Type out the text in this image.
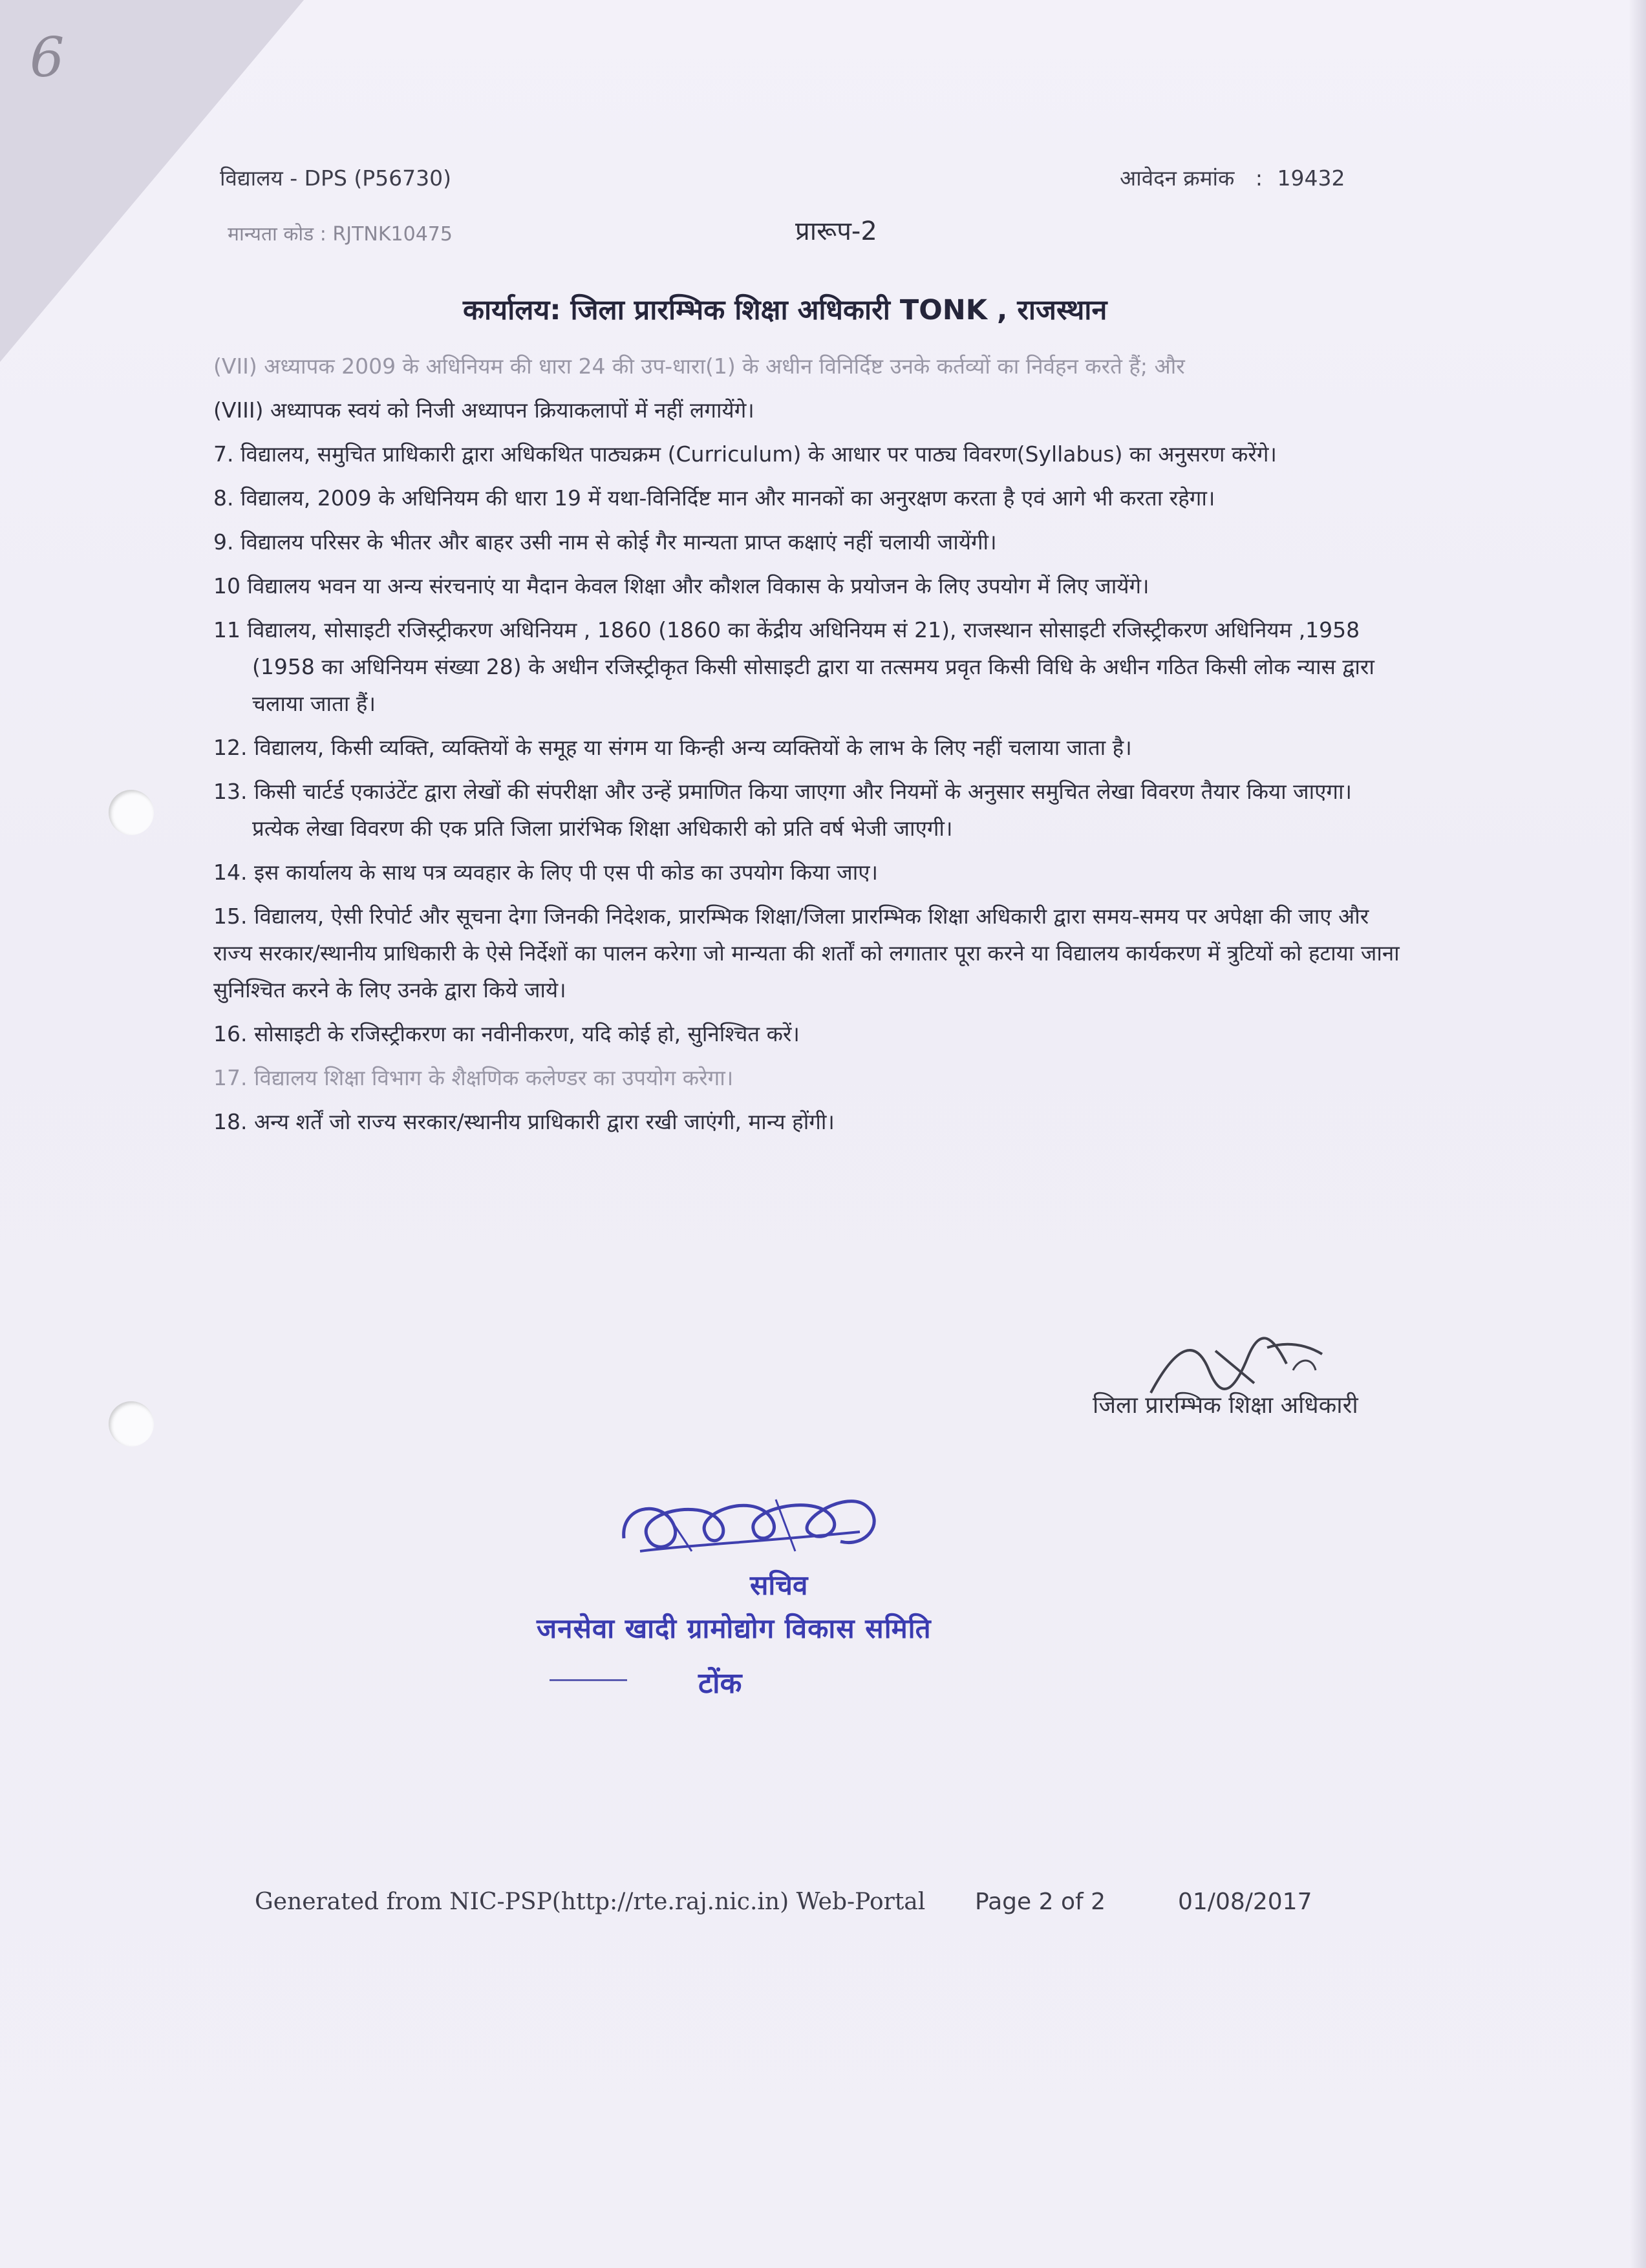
6
विद्यालय - DPS (P56730)	आवेदन क्रमांक : 19432
मान्यता कोड : RJTNK10475	प्रारूप-2
कार्यालय: जिला प्रारम्भिक शिक्षा अधिकारी TONK , राजस्थान

(VII) अध्यापक 2009 के अधिनियम की धारा 24 की उप-धारा(1) के अधीन विनिर्दिष्ट उनके कर्तव्यों का निर्वहन करते हैं; और

(VIII) अध्यापक स्वयं को निजी अध्यापन क्रियाकलापों में नहीं लगायेंगे।

7. विद्यालय, समुचित प्राधिकारी द्वारा अधिकथित पाठ्यक्रम (Curriculum) के आधार पर पाठ्य विवरण(Syllabus) का अनुसरण करेंगे।

8. विद्यालय, 2009 के अधिनियम की धारा 19 में यथा-विनिर्दिष्ट मान और मानकों का अनुरक्षण करता है एवं आगे भी करता रहेगा।

9. विद्यालय परिसर के भीतर और बाहर उसी नाम से कोई गैर मान्यता प्राप्त कक्षाएं नहीं चलायी जायेंगी।

10 विद्यालय भवन या अन्य संरचनाएं या मैदान केवल शिक्षा और कौशल विकास के प्रयोजन के लिए उपयोग में लिए जायेंगे।

11 विद्यालय, सोसाइटी रजिस्ट्रीकरण अधिनियम , 1860 (1860 का केंद्रीय अधिनियम सं 21), राजस्थान सोसाइटी रजिस्ट्रीकरण अधिनियम ,1958 (1958 का अधिनियम संख्या 28) के अधीन रजिस्ट्रीकृत किसी सोसाइटी द्वारा या तत्समय प्रवृत किसी विधि के अधीन गठित किसी लोक न्यास द्वारा चलाया जाता हैं।

12. विद्यालय, किसी व्यक्ति, व्यक्तियों के समूह या संगम या किन्ही अन्य व्यक्तियों के लाभ के लिए नहीं चलाया जाता है।

13. किसी चार्टर्ड एकाउंटेंट द्वारा लेखों की संपरीक्षा और उन्हें प्रमाणित किया जाएगा और नियमों के अनुसार समुचित लेखा विवरण तैयार किया जाएगा। प्रत्येक लेखा विवरण की एक प्रति जिला प्रारंभिक शिक्षा अधिकारी को प्रति वर्ष भेजी जाएगी।

14. इस कार्यालय के साथ पत्र व्यवहार के लिए पी एस पी कोड का उपयोग किया जाए।

15. विद्यालय, ऐसी रिपोर्ट और सूचना देगा जिनकी निदेशक, प्रारम्भिक शिक्षा/जिला प्रारम्भिक शिक्षा अधिकारी द्वारा समय-समय पर अपेक्षा की जाए और राज्य सरकार/स्थानीय प्राधिकारी के ऐसे निर्देशों का पालन करेगा जो मान्यता की शर्तों को लगातार पूरा करने या विद्यालय कार्यकरण में त्रुटियों को हटाया जाना सुनिश्चित करने के लिए उनके द्वारा किये जाये।

16. सोसाइटी के रजिस्ट्रीकरण का नवीनीकरण, यदि कोई हो, सुनिश्चित करें।

17. विद्यालय शिक्षा विभाग के शैक्षणिक कलेण्डर का उपयोग करेगा।

18. अन्य शर्तें जो राज्य सरकार/स्थानीय प्राधिकारी द्वारा रखी जाएंगी, मान्य होंगी।

जिला प्रारम्भिक शिक्षा अधिकारी
सचिव
जनसेवा खादी ग्रामोद्योग विकास समिति
टोंक
Generated from NIC-PSP(http://rte.raj.nic.in) Web-Portal Page 2 of 2	01/08/2017
